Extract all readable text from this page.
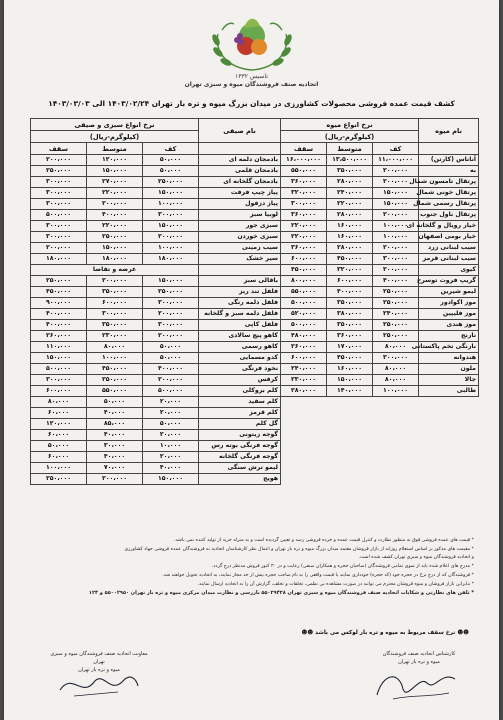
تاسیس ۱۳۳۲
اتحادیه صنف فروشندگان میوه و سبزی تهران
کشف قیمت عمده فروشی محصولات کشاورزی در میدان بزرگ میوه و تره بار تهران ۱۴۰۳/۰۲/۲۴ الی ۱۴۰۳/۰۳/۰۳
نام میوه	نرخ انواع میوه		
	(کیلوگرم-ریال)		
	کف	متوسط	سقف
آناناس (کارتن)	۱۱،۰۰۰،۰۰۰	۱۳،۵۰۰،۰۰۰	۱۶،۰۰۰،۰۰۰
به	۲۰۰،۰۰۰	۳۵۰،۰۰۰	۵۵۰،۰۰۰
پرتقال تامسون شمال	۲۰۰،۰۰۰	۲۸۰،۰۰۰	۳۶۰،۰۰۰
پرتقال خونی شمال	۱۵۰،۰۰۰	۲۴۰،۰۰۰	۳۲۰،۰۰۰
پرتقال رسمی شمال	۱۵۰،۰۰۰	۲۲۰،۰۰۰	۳۰۰،۰۰۰
پرتقال ناول جنوب	۲۰۰،۰۰۰	۲۸۰،۰۰۰	۳۶۰،۰۰۰
خیار رویال و گلخانه ای	۱۰۰،۰۰۰	۱۶۰،۰۰۰	۲۲۰،۰۰۰
خیار بومی اصفهان	۱۰۰،۰۰۰	۱۶۰،۰۰۰	۲۲۰،۰۰۰
سیب لبنانی زرد	۲۰۰،۰۰۰	۲۸۰،۰۰۰	۳۶۰،۰۰۰
سیب لبنانی قرمز	۳۰۰،۰۰۰	۴۵۰،۰۰۰	۶۰۰،۰۰۰
کیوی	۲۰۰،۰۰۰	۳۲۰،۰۰۰	۴۵۰،۰۰۰
گریپ فروت توسرخ	۴۰۰،۰۰۰	۶۰۰،۰۰۰	۸۰۰،۰۰۰
لیمو شیرین	۲۵۰،۰۰۰	۴۰۰،۰۰۰	۵۵۰،۰۰۰
موز اکوادور	۲۵۰،۰۰۰	۳۵۰،۰۰۰	۵۰۰،۰۰۰
موز فلیپین	۲۴۰،۰۰۰	۳۸۰،۰۰۰	۵۲۰،۰۰۰
موز هندی	۲۵۰،۰۰۰	۳۵۰،۰۰۰	۵۰۰،۰۰۰
نارنج	۲۵۰،۰۰۰	۳۶۰،۰۰۰	۴۸۰،۰۰۰
نارنگی تخم پاکستانی	۸۰،۰۰۰	۱۷۰،۰۰۰	۲۶۰،۰۰۰
هندوانه	۳۰۰،۰۰۰	۴۵۰،۰۰۰	۶۰۰،۰۰۰
ملون	۸۰،۰۰۰	۱۶۰،۰۰۰	۲۴۰،۰۰۰
جالا	۸۰،۰۰۰	۱۵۰،۰۰۰	۲۳۰،۰۰۰
طالبی	۱۰۰،۰۰۰	۱۴۰،۰۰۰	۲۸۰،۰۰۰
نام صیفی	نرخ انواع سبزی و صیفی		
	(کیلوگرم-ریال)		
	کف	متوسط	سقف
بادمجان دلمه ای	۵۰،۰۰۰	۱۲۰،۰۰۰	۲۰۰،۰۰۰
بادمجان قلمی	۵۰،۰۰۰	۱۵۰،۰۰۰	۲۵۰،۰۰۰
بادمجان گلخانه ای	۲۵۰،۰۰۰	۲۷۰،۰۰۰	۳۰۰،۰۰۰
پیاز چیپ فرفت	۱۵۰،۰۰۰	۲۲۰،۰۰۰	۳۰۰،۰۰۰
پیاز دزفول	۱۰۰،۰۰۰	۲۰۰،۰۰۰	۳۰۰،۰۰۰
لوبیا سبز	۳۰۰،۰۰۰	۴۰۰،۰۰۰	۵۰۰،۰۰۰
سبزی جور	۱۵۰،۰۰۰	۲۲۰،۰۰۰	۳۰۰،۰۰۰
سبزی خوردن	۲۰۰،۰۰۰	۲۵۰،۰۰۰	۳۰۰،۰۰۰
سیب زمینی	۱۰۰،۰۰۰	۱۵۰،۰۰۰	۲۰۰،۰۰۰
سیر خشک	۱۸۰،۰۰۰	۱۸۰،۰۰۰	۱۸۰،۰۰۰
	عرضه و تقاضا		
باقالی سبز	۱۵۰،۰۰۰	۲۰۰،۰۰۰	۲۵۰،۰۰۰
فلفل تند ریز	۲۵۰،۰۰۰	۳۵۰،۰۰۰	۴۵۰،۰۰۰
فلفل دلمه رنگی	۳۰۰،۰۰۰	۶۰۰،۰۰۰	۹۰۰،۰۰۰
فلفل دلمه سبز و گلخانه	۲۰۰،۰۰۰	۳۰۰،۰۰۰	۴۰۰،۰۰۰
فلفل کاپی	۳۰۰،۰۰۰	۳۵۰،۰۰۰	۴۰۰،۰۰۰
کاهو پیچ سالادی	۲۰۰،۰۰۰	۲۳۰،۰۰۰	۲۶۰،۰۰۰
کاهو رسمی	۵۰،۰۰۰	۸۰،۰۰۰	۱۱۰،۰۰۰
کدو مسمایی	۵۰،۰۰۰	۱۰۰،۰۰۰	۱۵۰،۰۰۰
نخود فرنگی	۴۰۰،۰۰۰	۴۵۰،۰۰۰	۵۰۰،۰۰۰
کرفس	۲۰۰،۰۰۰	۲۵۰،۰۰۰	۳۰۰،۰۰۰
کلم بروکلی	۵۰۰،۰۰۰	۵۵۰،۰۰۰	۶۰۰،۰۰۰
کلم سفید	۲۰،۰۰۰	۵۰،۰۰۰	۸۰،۰۰۰
کلم قرمز	۲۰،۰۰۰	۴۰،۰۰۰	۶۰،۰۰۰
گل کلم	۵۰،۰۰۰	۸۵،۰۰۰	۱۲۰،۰۰۰
گوجه زیتونی	۲۰،۰۰۰	۴۰،۰۰۰	۶۰،۰۰۰
گوجه فرنگی بوته رس	۱۰،۰۰۰	۳۰،۰۰۰	۵۰،۰۰۰
گوجه فرنگی گلخانه	۲۰،۰۰۰	۴۰،۰۰۰	۶۰،۰۰۰
لیمو ترش سنگی	۴۰،۰۰۰	۷۰،۰۰۰	۱۰۰،۰۰۰
هویج	۱۵۰،۰۰۰	۲۰۰،۰۰۰	۲۵۰،۰۰۰

* قیمت های عمده فروشی فوق به منظور نظارت و کنترل قیمت عمده و خرده فروشی رصد و تعیین گردیده است و به منزله خرید از تولید کننده نمی باشد.

* مقیمت های مذکور بر اساس استعلام روزانه از بازار فروشان معتمد میدان بزرگ میوه و تره بار تهران و اعمال نظر کارشناسان اتحادیه به فروشندگان عمده فروشی جهاد کشاورزی

و اتحادیه فروشندگان میوه و سبزی تهران کشف شده است.

* مدرج های اعلام شده باید از سوی تمامی فروشندگان (صاحبان حجره و همکاران صنفی) رعایت و در ۳۰ کنور فروش مدنظر درج گردد.

* فروشندگان که از درج نرخ در حجره خود (کد حجره) خودداری نمایند یا قیمت واقعی را به نام صاحب حجره بیش از حد مجاز نمایند، به اتحادیه تحویل خواهند شد.

* بنابراین بازار فروشان و میوه فروشان محترم می توانند در صورت مشاهده بی نظمی، تخلفات و تخلف، گزارش آن را به اتحادیه ارسال نمایند.

* تلفن های نظارتی و شکایات اتحادیه صنف فروشندگان میوه و سبزی تهران ۵۵۰۲۹۴۲۸ بازرسی و نظارت میدان مرکزی میوه و تره بار تهران ۵۵۰۰۲۹۵۰ و ۱۲۴

☻☻ نرخ سقف مربوط به میوه و تره بار لوکس می باشد ☻☻
معاونت اتحادیه صنف فروشندگان میوه و سبزی تهران
میوه و تره بار تهران
کارشناس اتحادیه صنف فروشندگان
میوه و تره بار تهران
